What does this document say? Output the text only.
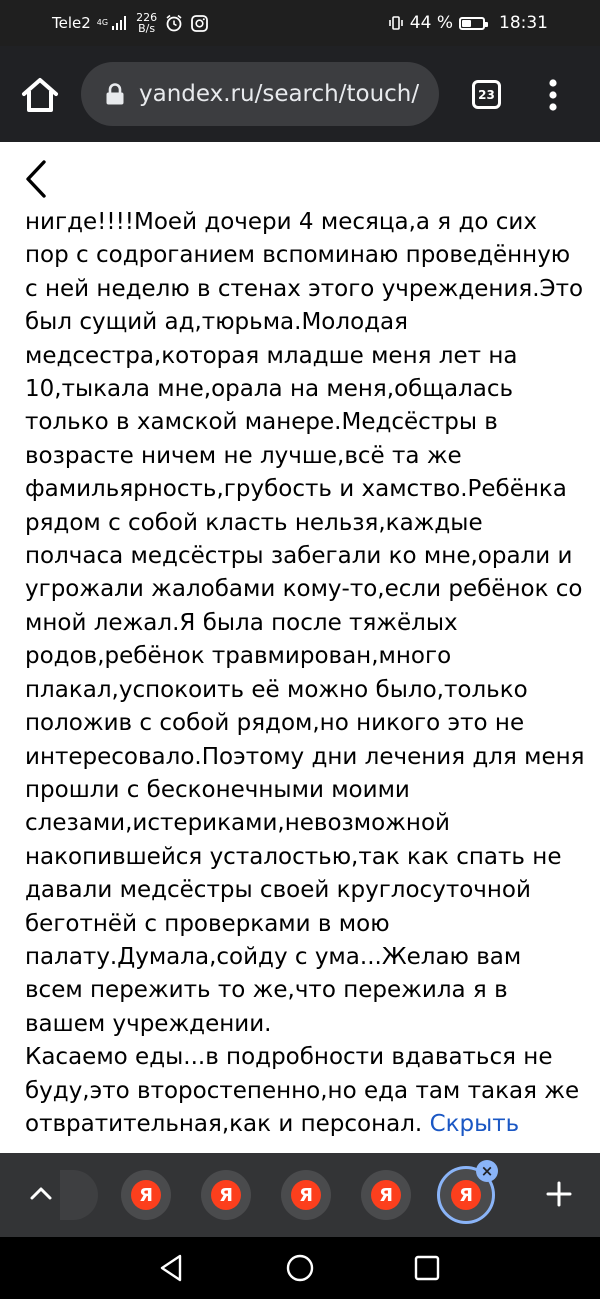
Tele2 4G	226
B/s	44 %	18:31
yandex.ru/search/touch/	23

нигде!!!!Моей дочери 4 месяца,а я до сих пор с содроганием вспоминаю проведённую с ней неделю в стенах этого учреждения.Это был сущий ад,тюрьма.Молодая медсестра,которая младше меня лет на 10,тыкала мне,орала на меня,общалась только в хамской манере.Медсёстры в возрасте ничем не лучше,всё та же фамильярность,грубость и хамство.Ребёнка рядом с собой класть нельзя,каждые полчаса медсёстры забегали ко мне,орали и угрожали жалобами кому-то,если ребёнок со мной лежал.Я была после тяжёлых родов,ребёнок травмирован,много плакал,успокоить её можно было,только положив с собой рядом,но никого это не интересовало.Поэтому дни лечения для меня прошли с бесконечными моими слезами,истериками,невозможной накопившейся усталостью,так как спать не давали медсёстры своей круглосуточной беготнёй с проверками в мою палату.Думала,сойду с ума...Желаю вам всем пережить то же,что пережила я в вашем учреждении.

Касаемо еды...в подробности вдаваться не буду,это второстепенно,но еда там такая же отвратительная,как и персонал. Скрыть

Я	Я	Я	Я	Я
×
